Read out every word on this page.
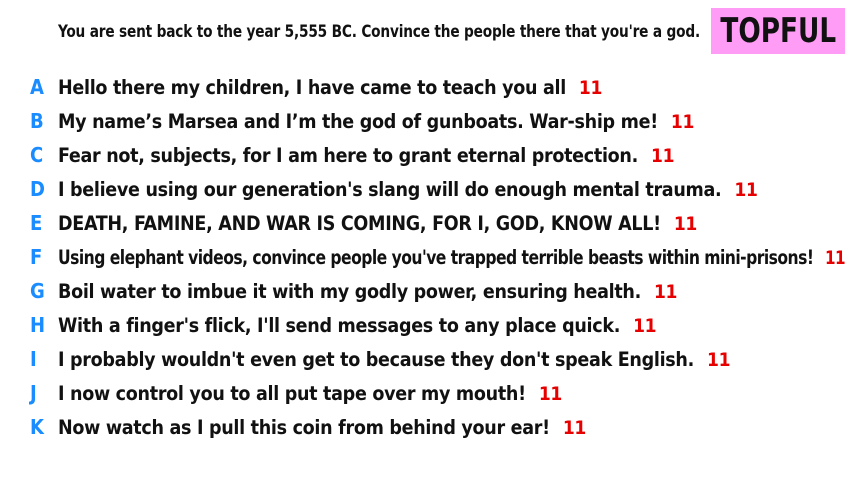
You are sent back to the year 5,555 BC. Convince the people there that you're a god. TOPFUL
A Hello there my children, I have came to teach you all 11
B My name’s Marsea and I’m the god of gunboats. War-ship me! 11
C Fear not, subjects, for I am here to grant eternal protection. 11
D I believe using our generation's slang will do enough mental trauma. 11
E DEATH, FAMINE, AND WAR IS COMING, FOR I, GOD, KNOW ALL! 11
F Using elephant videos, convince people you've trapped terrible beasts within mini-prisons! 11
G Boil water to imbue it with my godly power, ensuring health. 11
H With a finger's flick, I'll send messages to any place quick. 11
I	I probably wouldn't even get to because they don't speak English. 11
J	I now control you to all put tape over my mouth! 11
K Now watch as I pull this coin from behind your ear! 11
